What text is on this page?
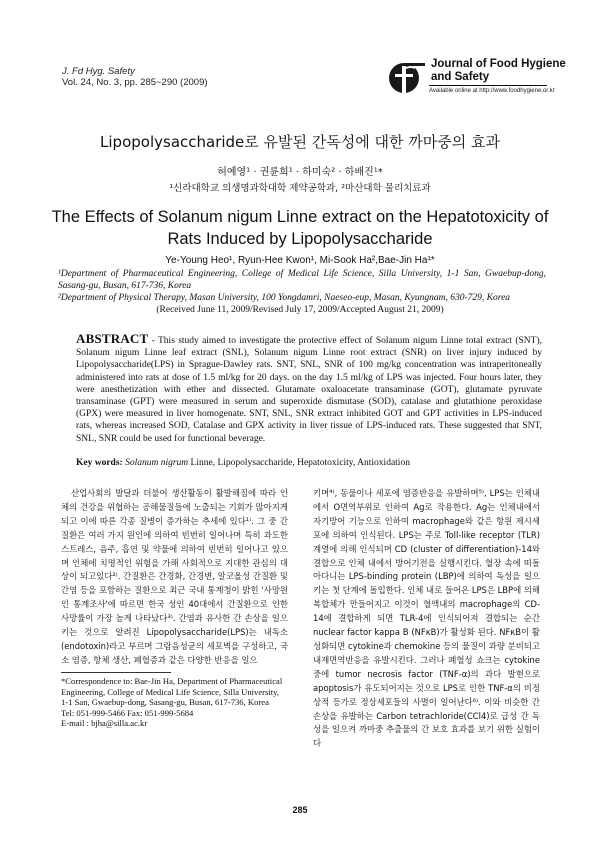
J. Fd Hyg. Safety
Vol. 24, No. 3, pp. 285~290 (2009)
Journal of Food Hygiene
and Safety
Available online at http://www.foodhygiene.or.kr
Lipopolysaccharide로 유발된 간독성에 대한 까마중의 효과
허예영¹ · 권륜희¹ · 하미숙² · 하배진¹*
¹신라대학교 의생명과학대학 제약공학과, ²마산대학 물리치료과
The Effects of Solanum nigum Linne extract on the Hepatotoxicity of Rats Induced by Lipopolysaccharide
Ye-Young Heo¹, Ryun-Hee Kwon¹, Mi-Sook Ha²,Bae-Jin Ha¹*
¹Department of Pharmaceutical Engineering, College of Medical Life Science, Silla University, 1-1 San, Gwaebup-dong, Sasang-gu, Busan, 617-736, Korea
²Department of Physical Therapy, Masan University, 100 Yongdamri, Naeseo-eup, Masan, Kyungnam, 630-729, Korea
(Received June 11, 2009/Revised July 17, 2009/Accepted August 21, 2009)
ABSTRACT - This study aimed to investigate the protective effect of Solanum nigum Linne total extract (SNT), Solanum nigum Linne leaf extract (SNL), Solanum nigum Linne root extract (SNR) on liver injury induced by Lipopolysaccharide(LPS) in Sprague-Dawley rats. SNT, SNL, SNR of 100 mg/kg concentration was intraperitoneally administered into rats at dose of 1.5 ml/kg for 20 days. on the day 1.5 ml/kg of LPS was injected. Four hours later, they were anesthetization with ether and dissected. Glutamate oxaloacetate transaminase (GOT), glutamate pyruvate transaminase (GPT) were measured in serum and superoxide dismutase (SOD), catalase and glutathione peroxidase (GPX) were measured in liver homogenate. SNT, SNL, SNR extract inhibited GOT and GPT activities in LPS-induced rats, whereas increased SOD, Catalase and GPX activity in liver tissue of LPS-induced rats. These suggested that SNT, SNL, SNR could be used for functional beverage.
Key words: Solanum nigrum Linne, Lipopolysaccharide, Hepatotoxicity, Antioxidation
산업사회의 발달과 더불어 생산활동이 활발해짐에 따라 인체의 건강을 위협하는 공해물질들에 노출되는 기회가 많아지게 되고 이에 따른 각종 질병이 증가하는 추세에 있다¹⁾. 그 중 간질환은 여러 가지 원인에 의하여 빈번히 일어나며 특히 과도한 스트레스, 음주, 흡연 및 약물에 의하여 빈번히 일어나고 있으며 인체에 치명적인 위험을 가해 사회적으로 지대한 관심의 대상이 되고있다²⁾. 간질환은 간경화, 간경변, 알코올성 간질환 및 간염 등을 포함하는 질환으로 최근 국내 통계청이 밝힌 '사망원인 통계조사'에 따르면 한국 성인 40대에서 간질환으로 인한 사망률이 가장 높게 나타났다³⁾. 간염과 유사한 간 손상을 일으키는 것으로 알려진 Lipopolysaccharide(LPS)는 내독소(endotoxin)라고 부르며 그람음성균의 세포벽을 구성하고, 국소 염증, 항체 생산, 폐혈증과 같은 다양한 반응을 일으
키며⁴⁾, 동물이나 세포에 염증반응을 유발하며⁵⁾, LPS는 인체내에서 O면역부위로 인하여 Ag로 작용한다. Ag는 인체내에서 자기방어 기능으로 인하여 macrophage와 같은 항원 제시세포에 의하여 인식된다. LPS는 주로 Toll-like receptor (TLR)계열에 의해 인식되며 CD (cluster of differentiation)-14와 결합으로 인체 내에서 방어기전을 실행시킨다. 혈장 속에 떠돌아다니는 LPS-binding protein (LBP)에 의하여 독성을 일으키는 첫 단계에 돌입한다. 인체 내로 들어온 LPS은 LBP에 의해 복합체가 만들어지고 이것이 혈액내의 macrophage의 CD-14에 결합하게 되면 TLR-4에 인식되어져 결합되는 순간 nuclear factor kappa B (NFκB)가 활성화 된다. NFκB이 활성화되면 cytokine과 chemokine 등의 물질이 과량 분비되고 내재면역반응을 유발시킨다. 그러나 폐혈성 쇼크는 cytokine중에 tumor necrosis factor (TNF-α)의 과다 발현으로 apoptosis가 유도되어지는 것으로 LPS로 인한 TNF-α의 비정상적 등가로 정상세포들의 사멸이 일어난다⁶⁾. 이와 비슷한 간손상을 유발하는 Carbon tetrachloride(CCl4)로 급성 간 독성을 일으켜 까마중 추출물의 간 보호 효과를 보기 위한 실험이 다
*Correspondence to: Bae-Jin Ha, Department of Pharmaceutical Engineering, College of Medical Life Science, Silla University, 1-1 San, Gwaebup-dong, Sasang-gu, Busan, 617-736, Korea
Tel: 051-999-5466 Fax: 051-999-5684
E-mail : bjha@silla.ac.kr
285
